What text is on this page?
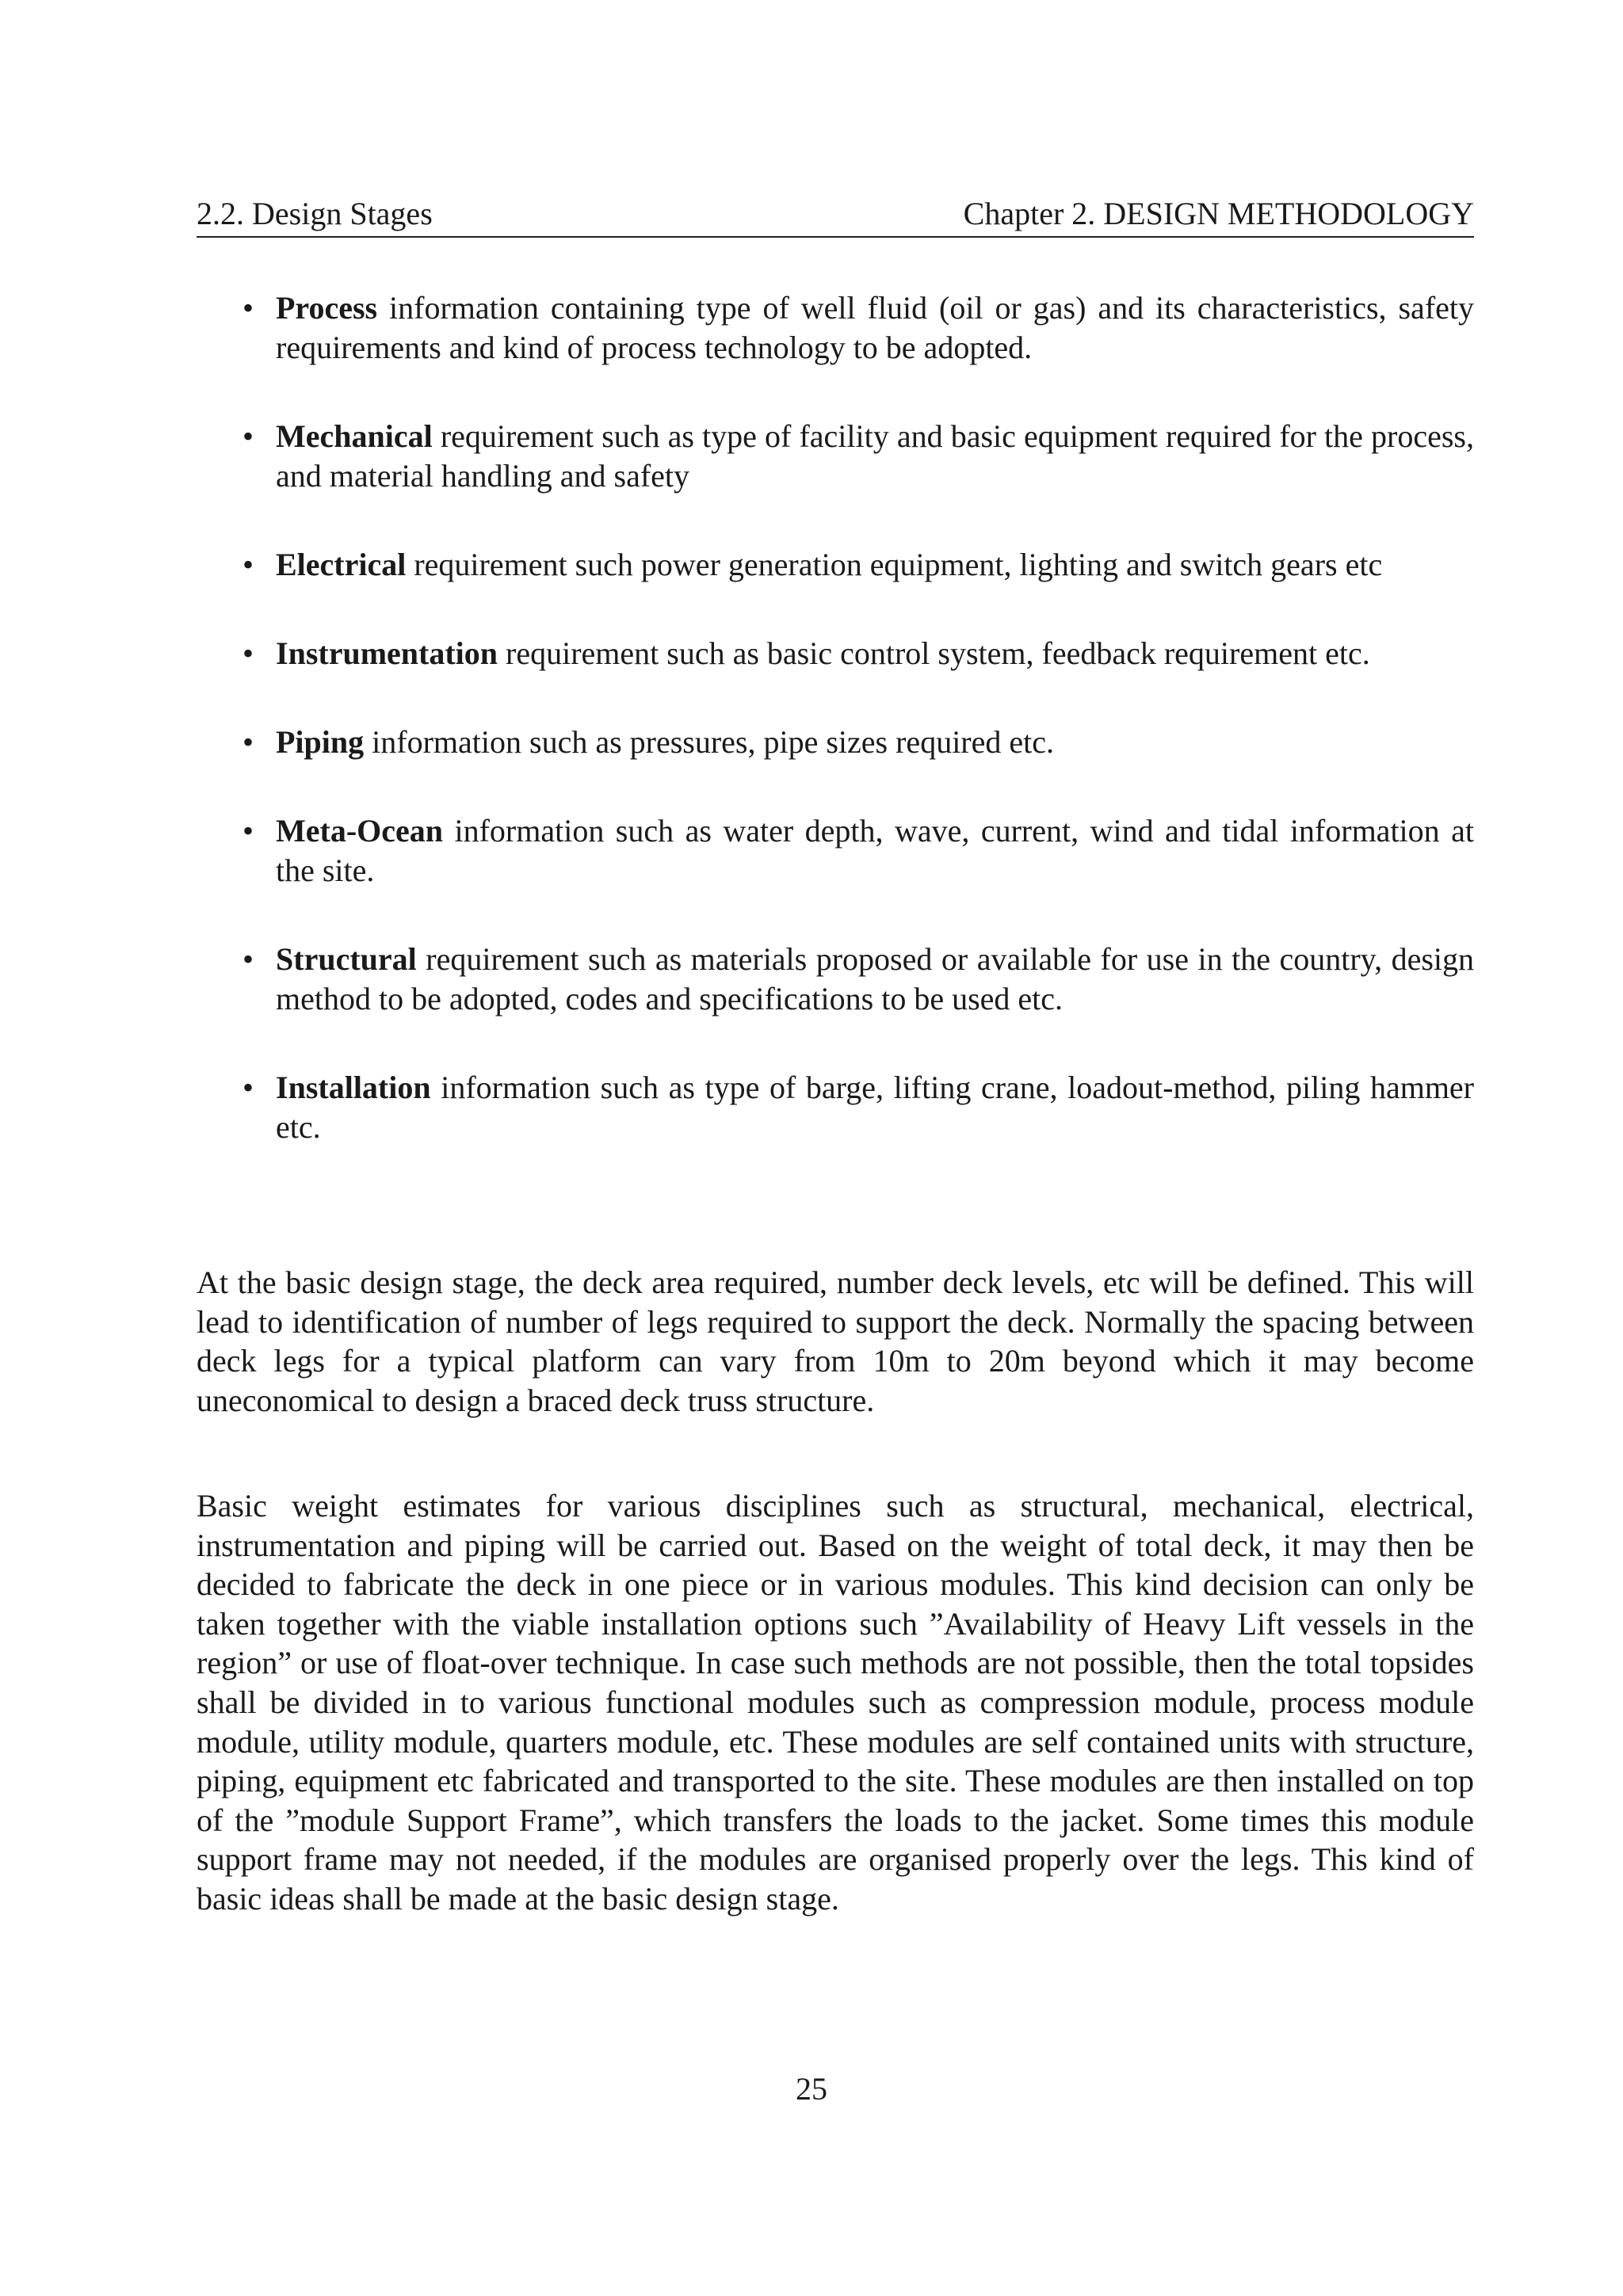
2.2. Design Stages	Chapter 2. DESIGN METHODOLOGY
• Process information containing type of well fluid (oil or gas) and its characteristics, safety requirements and kind of process technology to be adopted.
• Mechanical requirement such as type of facility and basic equipment required for the process, and material handling and safety
• Electrical requirement such power generation equipment, lighting and switch gears etc
• Instrumentation requirement such as basic control system, feedback requirement etc.
• Piping information such as pressures, pipe sizes required etc.
• Meta-Ocean information such as water depth, wave, current, wind and tidal information at the site.
• Structural requirement such as materials proposed or available for use in the country, design method to be adopted, codes and specifications to be used etc.
• Installation information such as type of barge, lifting crane, loadout-method, piling hammer etc.

At the basic design stage, the deck area required, number deck levels, etc will be defined. This will lead to identification of number of legs required to support the deck. Normally the spacing between deck legs for a typical platform can vary from 10m to 20m beyond which it may become uneconomical to design a braced deck truss structure.

Basic weight estimates for various disciplines such as structural, mechanical, electrical, instrumentation and piping will be carried out. Based on the weight of total deck, it may then be decided to fabricate the deck in one piece or in various modules. This kind decision can only be taken together with the viable installation options such ”Availability of Heavy Lift vessels in the region” or use of float-over technique. In case such methods are not possible, then the total topsides shall be divided in to various functional modules such as compression module, process module module, utility module, quarters module, etc. These modules are self contained units with structure, piping, equipment etc fabricated and transported to the site. These modules are then installed on top of the ”module Support Frame”, which transfers the loads to the jacket. Some times this module support frame may not needed, if the modules are organised properly over the legs. This kind of basic ideas shall be made at the basic design stage.

25
